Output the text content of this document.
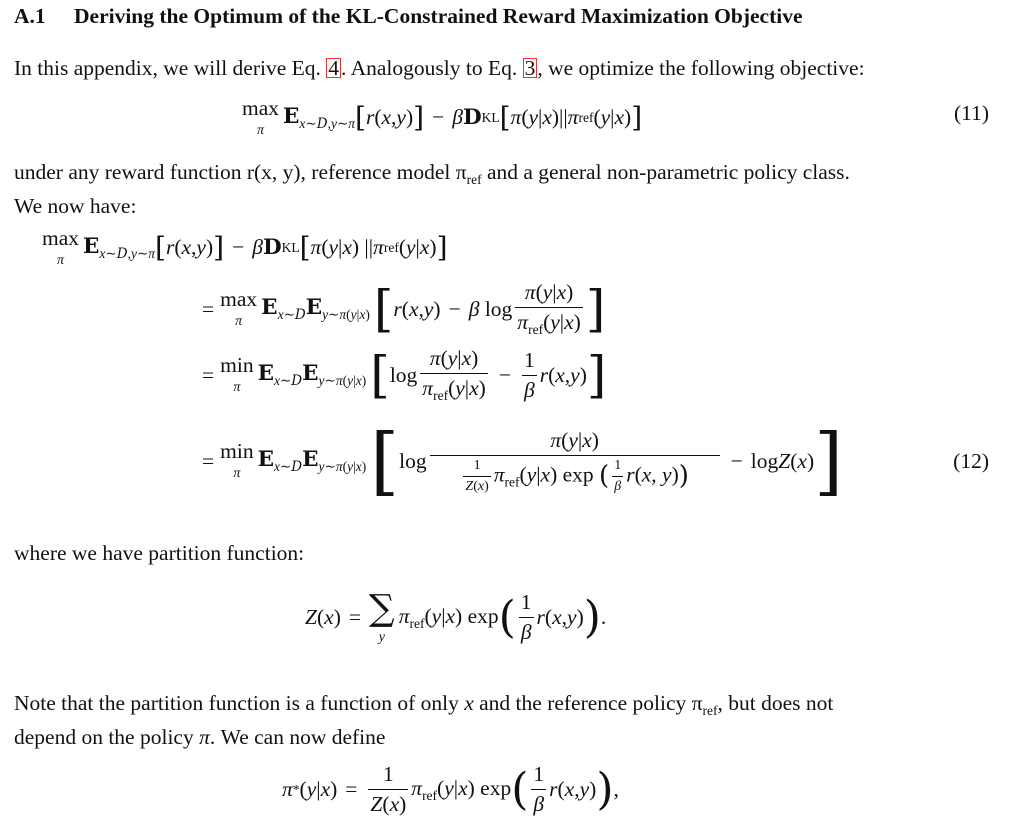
A.1 Deriving the Optimum of the KL-Constrained Reward Maximization Objective
In this appendix, we will derive Eq. 4. Analogously to Eq. 3, we optimize the following objective:
max
π
$E_{x\sim D,y\sim\pi}$ [ r ( x , y ) ] − β D KL [ π ( y | x )|| π ref ( y | x ) ]	(11)
under any reward function r(x, y), reference model $\pi_{ref}$ and a general non-parametric policy class.
We now have:
max
π
$E_{x\sim D,y\sim\pi}$ [ r ( x , y ) ] − β D KL [ π ( y | x ) || π ref ( y | x ) ]
= max
π
$E_{x\sim D}E_{y\sim\pi(y|x)}$ [ r ( x , y ) − β $\log \frac{\pi(y|x)}{\pi_{ref}(y|x)}$ ]
= min
π
$E_{x\sim D}E_{y\sim\pi(y|x)}$ [ $\log \frac{\pi(y|x)}{\pi_{ref}(y|x)} - \frac{1}{\beta}$ r ( x , y ) ]
= min
π
$E_{x\sim D}E_{y\sim\pi(y|x)}$ [ $\log \frac{\pi(y|x)}{\frac{1}{Z(x)} \pi_{ref}(y|x) \exp ( \frac{1}{\beta} r(x, y))} - \log Z$ ( x ) ]	(12)
where we have partition function:
Z ( x ) = ∑
y
$\pi_{ref}(y|x)$ exp ( $\frac{1}{\beta}$ r ( x , y ) ) .
Note that the partition function is a function of only x and the reference policy $\pi_{ref}$, but does not
depend on the policy π. We can now define
π * ( y | x ) = $\frac{1}{Z(x)} \pi_{ref}(y|x)$ exp ( $\frac{1}{\beta}$ r ( x , y ) ) ,
